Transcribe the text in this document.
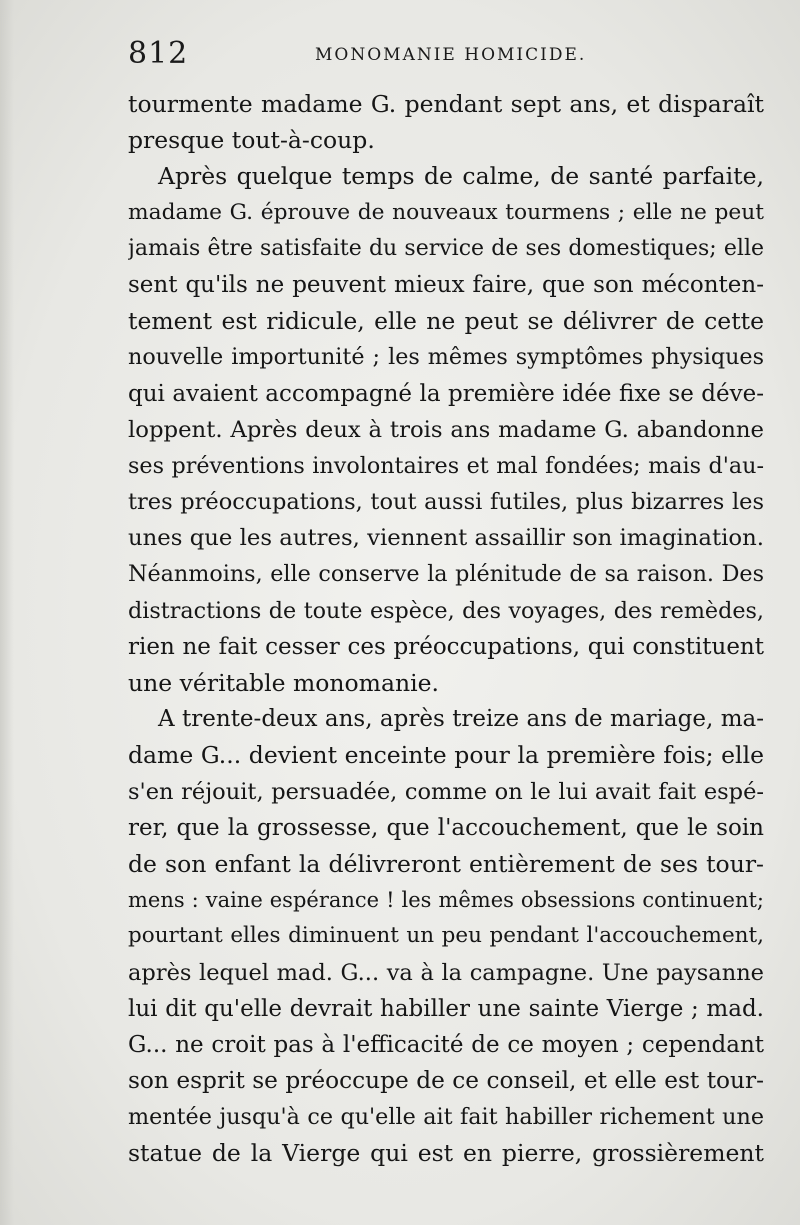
812	MONOMANIE HOMICIDE.
tourmente madame G. pendant sept ans, et disparaît
presque tout-à-coup.
Après quelque temps de calme, de santé parfaite,
madame G. éprouve de nouveaux tourmens ; elle ne peut
jamais être satisfaite du service de ses domestiques; elle
sent qu'ils ne peuvent mieux faire, que son méconten-
tement est ridicule, elle ne peut se délivrer de cette
nouvelle importunité ; les mêmes symptômes physiques
qui avaient accompagné la première idée fixe se déve-
loppent. Après deux à trois ans madame G. abandonne
ses préventions involontaires et mal fondées; mais d'au-
tres préoccupations, tout aussi futiles, plus bizarres les
unes que les autres, viennent assaillir son imagination.
Néanmoins, elle conserve la plénitude de sa raison. Des
distractions de toute espèce, des voyages, des remèdes,
rien ne fait cesser ces préoccupations, qui constituent
une véritable monomanie.
A trente-deux ans, après treize ans de mariage, ma-
dame G... devient enceinte pour la première fois; elle
s'en réjouit, persuadée, comme on le lui avait fait espé-
rer, que la grossesse, que l'accouchement, que le soin
de son enfant la délivreront entièrement de ses tour-
mens : vaine espérance ! les mêmes obsessions continuent;
pourtant elles diminuent un peu pendant l'accouchement,
après lequel mad. G... va à la campagne. Une paysanne
lui dit qu'elle devrait habiller une sainte Vierge ; mad.
G... ne croit pas à l'efficacité de ce moyen ; cependant
son esprit se préoccupe de ce conseil, et elle est tour-
mentée jusqu'à ce qu'elle ait fait habiller richement une
statue de la Vierge qui est en pierre, grossièrement
